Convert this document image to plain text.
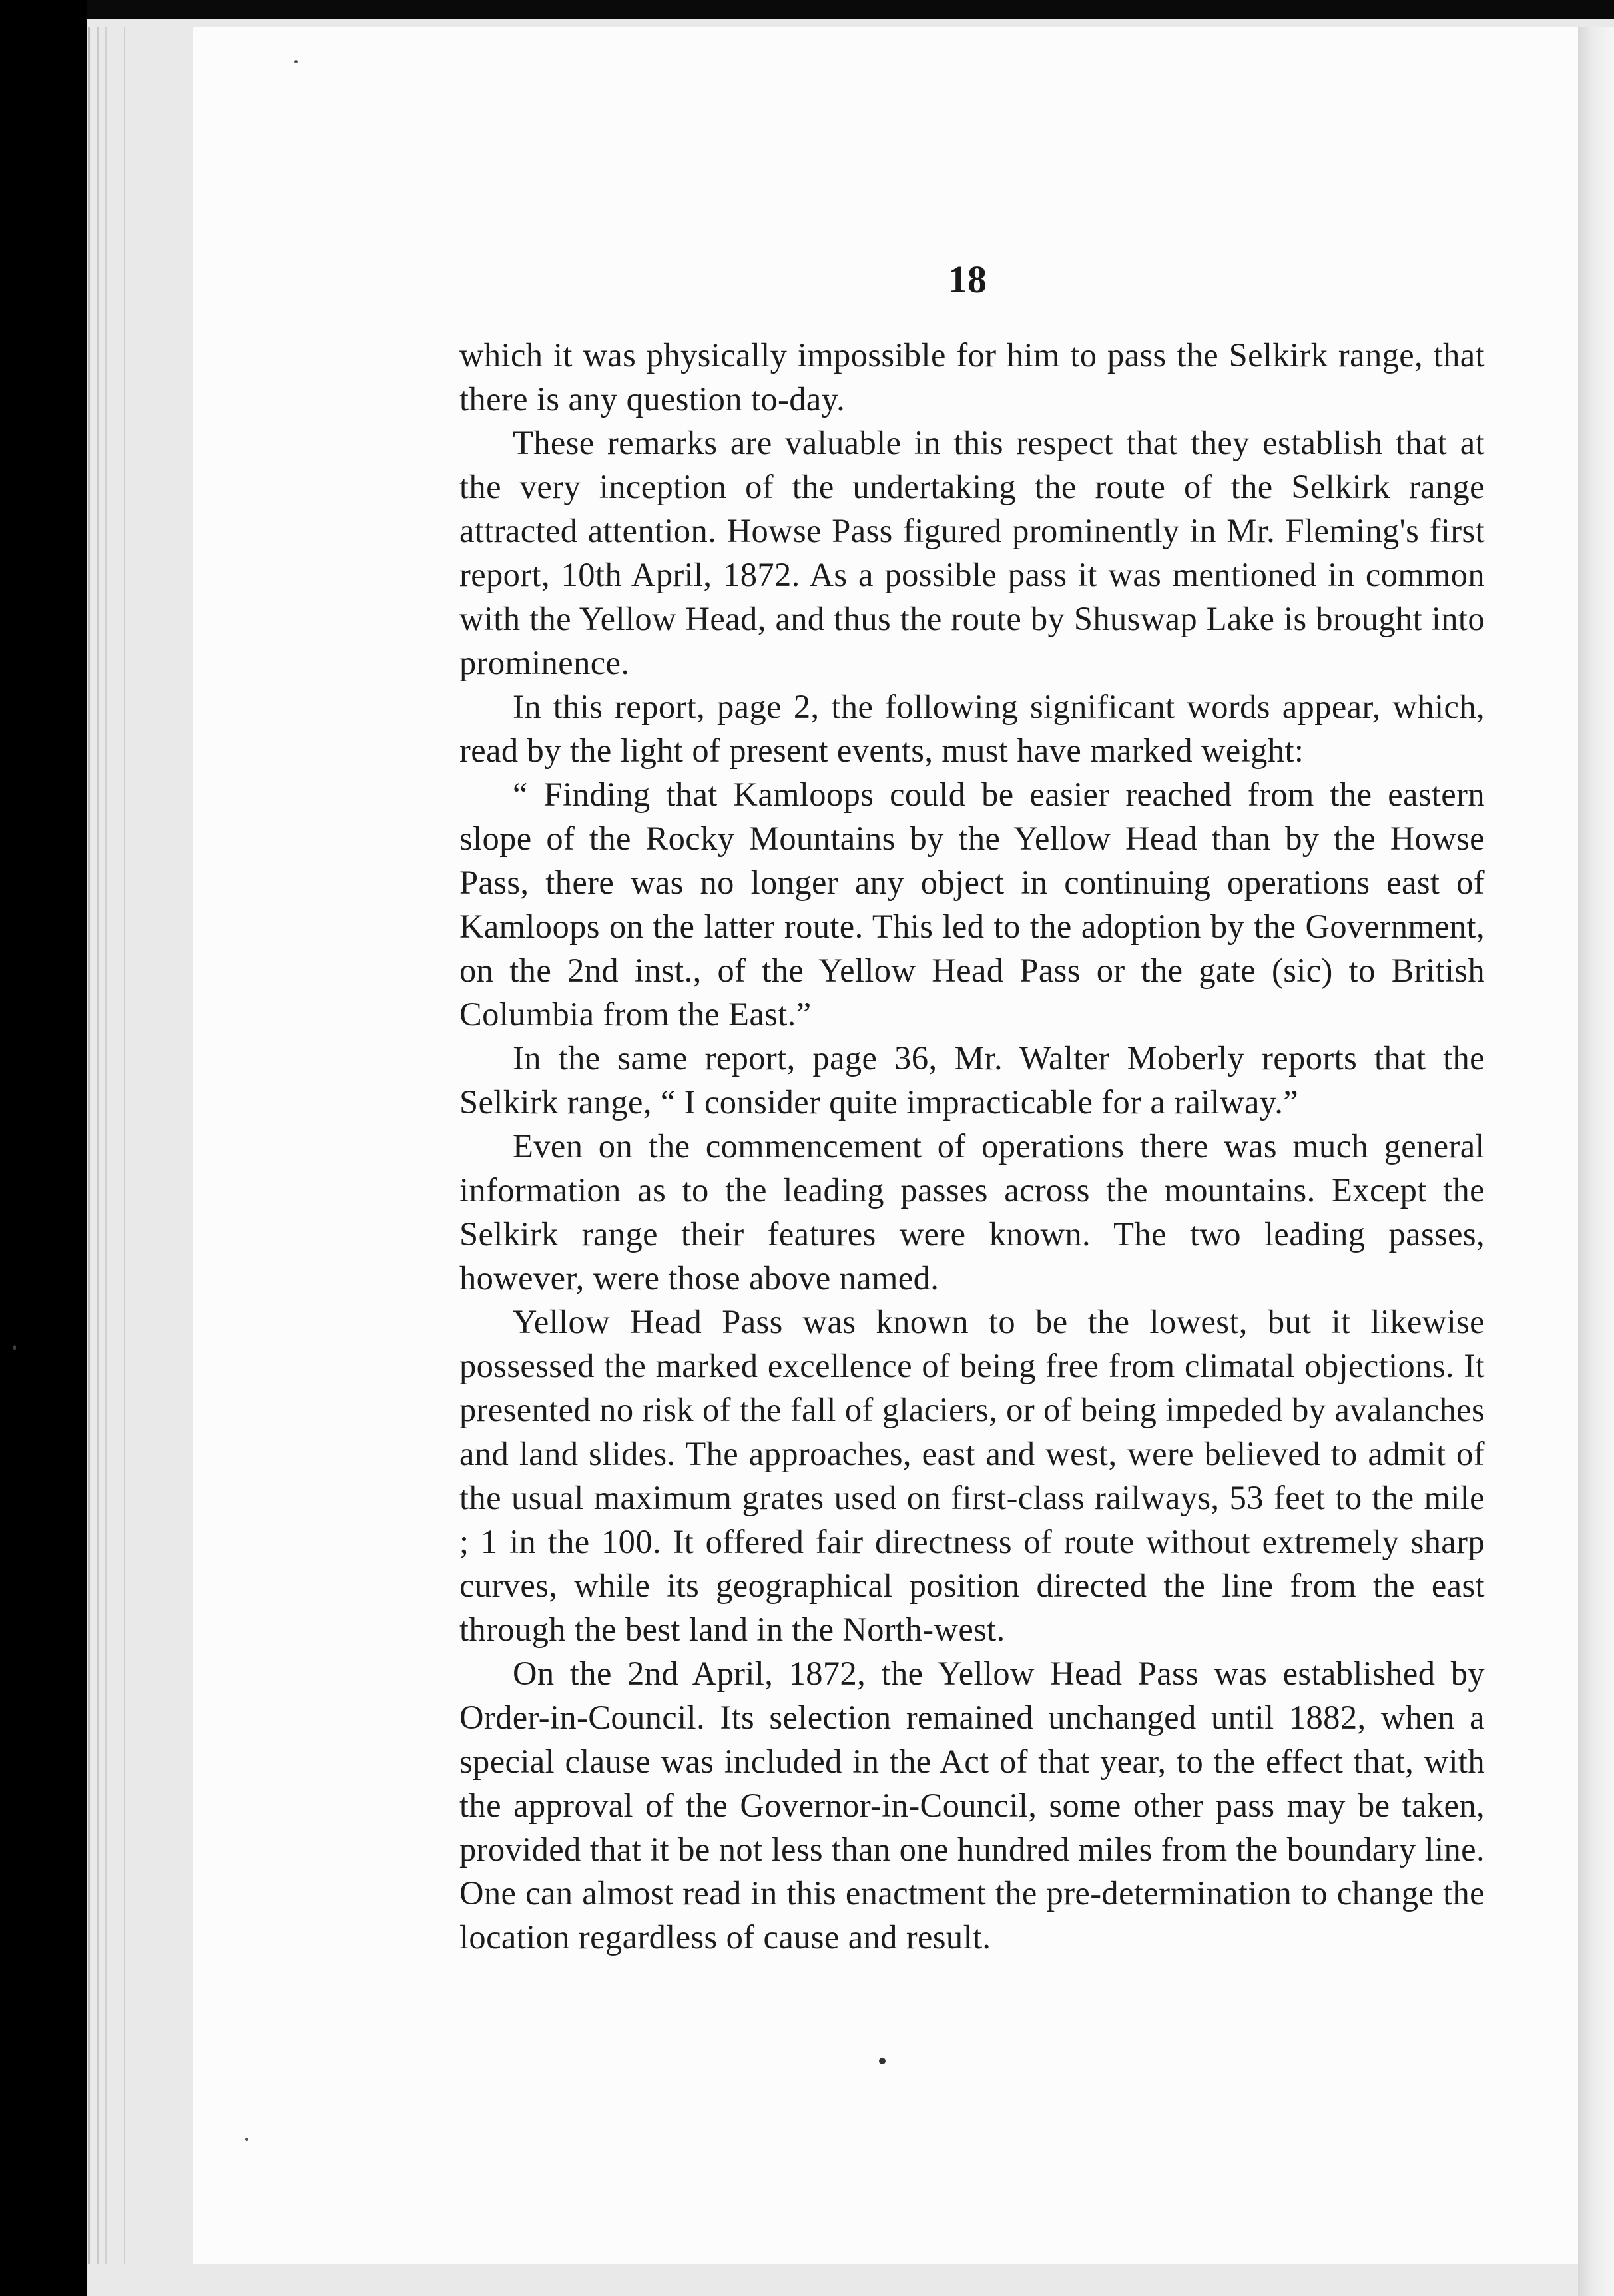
18

which it was physically impossible for him to pass the Selkirk range, that there is any question to-day.

These remarks are valuable in this respect that they establish that at the very inception of the undertaking the route of the Selkirk range attracted attention. Howse Pass figured prominently in Mr. Fleming's first report, 10th April, 1872. As a possible pass it was mentioned in common with the Yellow Head, and thus the route by Shuswap Lake is brought into prominence.

In this report, page 2, the following significant words appear, which, read by the light of present events, must have marked weight:

“ Finding that Kamloops could be easier reached from the eastern slope of the Rocky Mountains by the Yellow Head than by the Howse Pass, there was no longer any object in continuing operations east of Kamloops on the latter route. This led to the adoption by the Government, on the 2nd inst., of the Yellow Head Pass or the gate (sic) to British Columbia from the East.”

In the same report, page 36, Mr. Walter Moberly reports that the Selkirk range, “ I consider quite impracticable for a railway.”

Even on the commencement of operations there was much general information as to the leading passes across the mountains. Except the Selkirk range their features were known. The two leading passes, however, were those above named.

Yellow Head Pass was known to be the lowest, but it likewise possessed the marked excellence of being free from climatal objections. It presented no risk of the fall of glaciers, or of being impeded by avalanches and land slides. The approaches, east and west, were believed to admit of the usual maximum grates used on first-class railways, 53 feet to the mile ; 1 in the 100. It offered fair directness of route without extremely sharp curves, while its geographical position directed the line from the east through the best land in the North-west.

On the 2nd April, 1872, the Yellow Head Pass was established by Order-in-Council. Its selection remained unchanged until 1882, when a special clause was included in the Act of that year, to the effect that, with the approval of the Governor-in-Council, some other pass may be taken, provided that it be not less than one hundred miles from the boundary line. One can almost read in this enactment the pre-determination to change the location regardless of cause and result.
